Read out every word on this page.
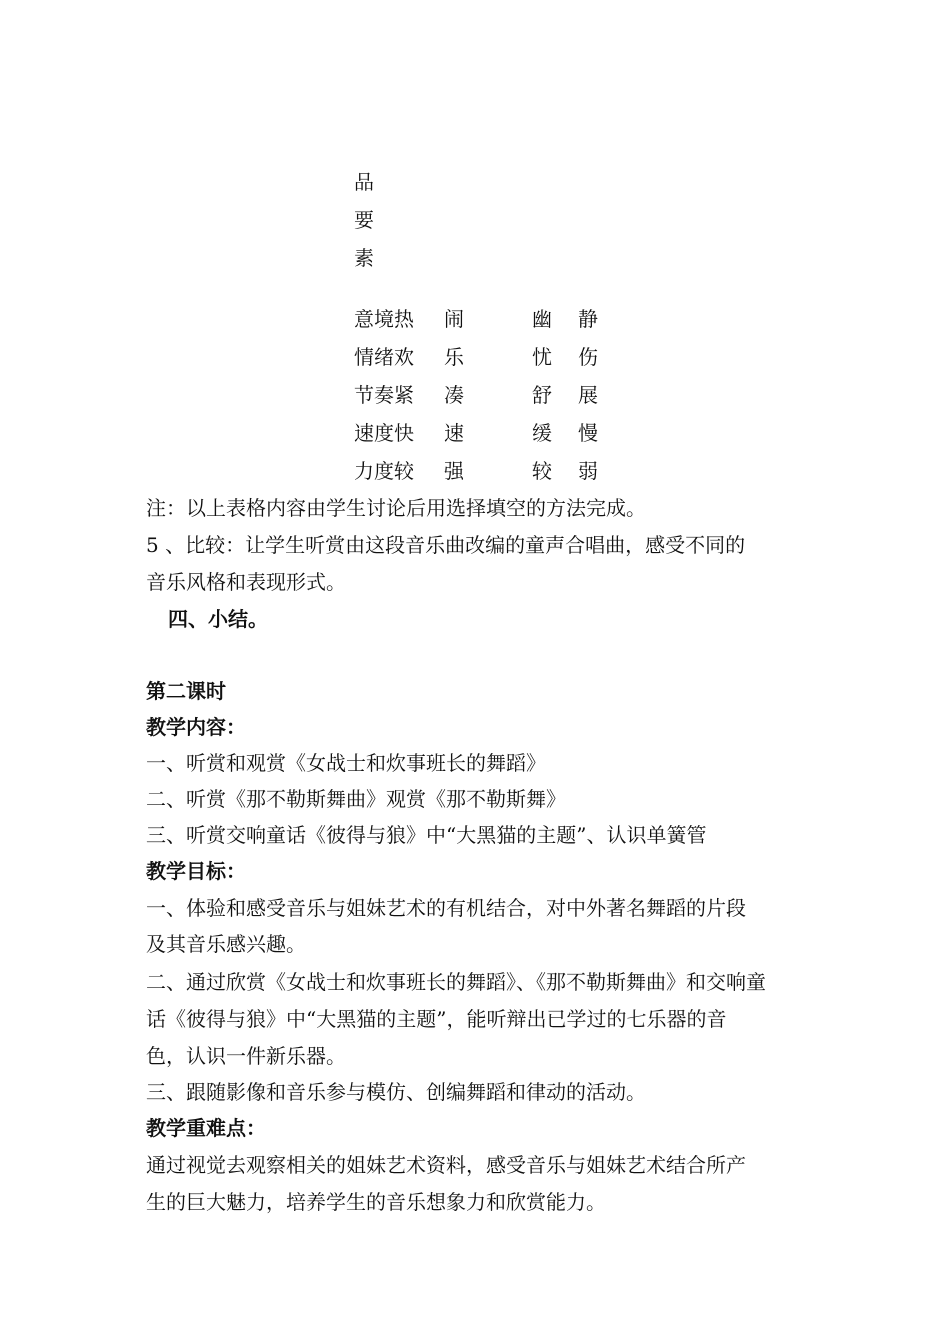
品
要
素
意境热 闹	幽 静
情绪欢 乐	忧 伤
节奏紧 凑	舒 展
速度快 速	缓 慢
力度较 强	较 弱
注：以上表格内容由学生讨论后用选择填空的方法完成。
5 、比较：让学生听赏由这段音乐曲改编的童声合唱曲，感受不同的
音乐风格和表现形式。
四、小结。
第二课时
教学内容：
一、听赏和观赏《女战士和炊事班长的舞蹈》
二、听赏《那不勒斯舞曲》观赏《那不勒斯舞》
三、听赏交响童话《彼得与狼》中“大黑猫的主题”、认识单簧管
教学目标：
一、体验和感受音乐与姐妹艺术的有机结合，对中外著名舞蹈的片段
及其音乐感兴趣。
二、通过欣赏《女战士和炊事班长的舞蹈》、《那不勒斯舞曲》和交响童
话《彼得与狼》中“大黑猫的主题”，能听辩出已学过的七乐器的音
色，认识一件新乐器。
三、跟随影像和音乐参与模仿、创编舞蹈和律动的活动。
教学重难点：
通过视觉去观察相关的姐妹艺术资料，感受音乐与姐妹艺术结合所产
生的巨大魅力，培养学生的音乐想象力和欣赏能力。
